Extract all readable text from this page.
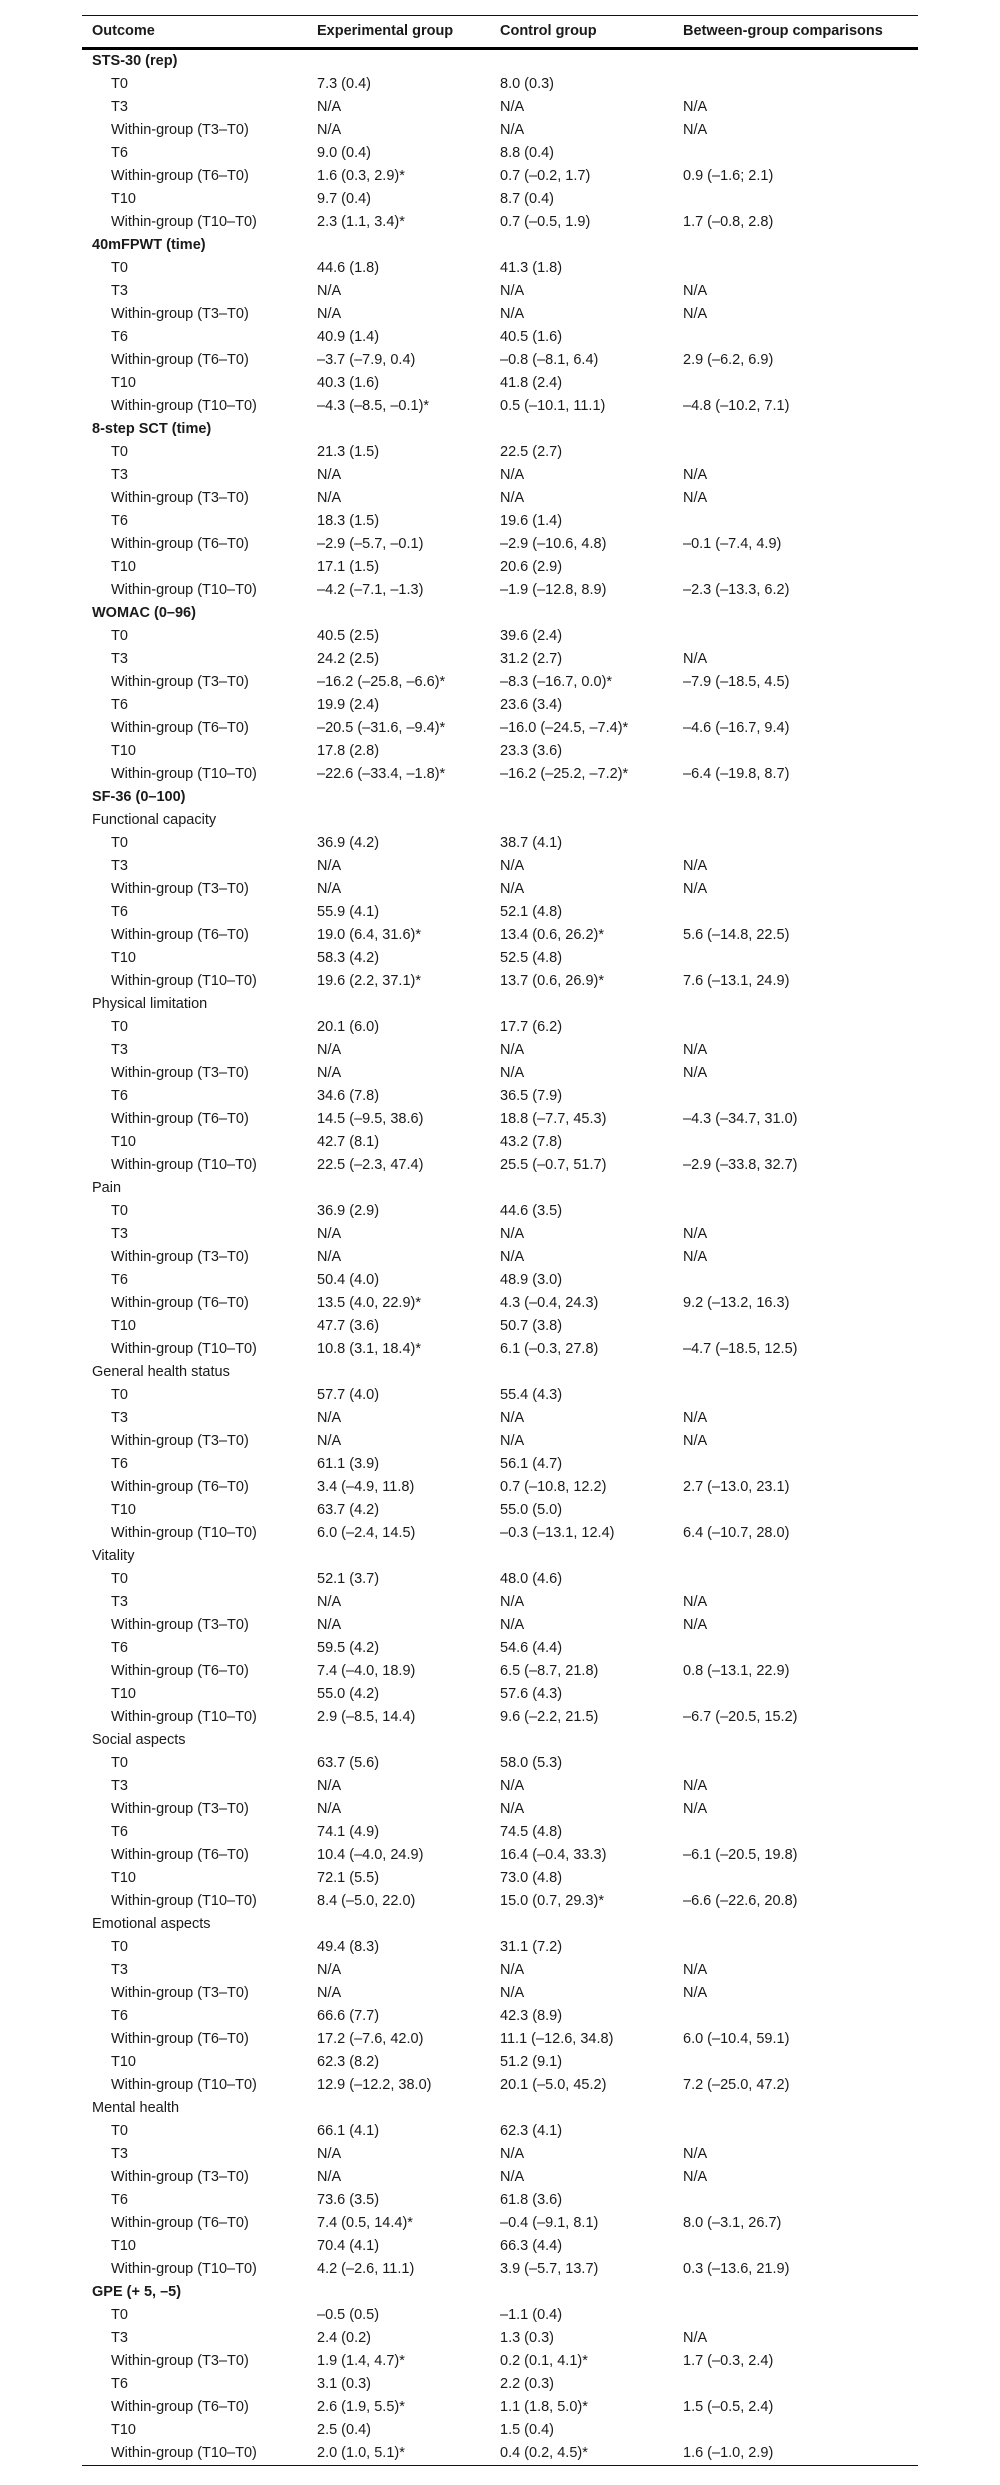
Outcome	Experimental group	Control group	Between-group comparisons
STS-30 (rep)
T0	7.3 (0.4)	8.0 (0.3)
T3	N/A	N/A	N/A
Within-group (T3–T0)	N/A	N/A	N/A
T6	9.0 (0.4)	8.8 (0.4)
Within-group (T6–T0)	1.6 (0.3, 2.9)*	0.7 (–0.2, 1.7)	0.9 (–1.6; 2.1)
T10	9.7 (0.4)	8.7 (0.4)
Within-group (T10–T0)	2.3 (1.1, 3.4)*	0.7 (–0.5, 1.9)	1.7 (–0.8, 2.8)
40mFPWT (time)
T0	44.6 (1.8)	41.3 (1.8)
T3	N/A	N/A	N/A
Within-group (T3–T0)	N/A	N/A	N/A
T6	40.9 (1.4)	40.5 (1.6)
Within-group (T6–T0)	–3.7 (–7.9, 0.4)	–0.8 (–8.1, 6.4)	2.9 (–6.2, 6.9)
T10	40.3 (1.6)	41.8 (2.4)
Within-group (T10–T0)	–4.3 (–8.5, –0.1)*	0.5 (–10.1, 11.1)	–4.8 (–10.2, 7.1)
8-step SCT (time)
T0	21.3 (1.5)	22.5 (2.7)
T3	N/A	N/A	N/A
Within-group (T3–T0)	N/A	N/A	N/A
T6	18.3 (1.5)	19.6 (1.4)
Within-group (T6–T0)	–2.9 (–5.7, –0.1)	–2.9 (–10.6, 4.8)	–0.1 (–7.4, 4.9)
T10	17.1 (1.5)	20.6 (2.9)
Within-group (T10–T0)	–4.2 (–7.1, –1.3)	–1.9 (–12.8, 8.9)	–2.3 (–13.3, 6.2)
WOMAC (0–96)
T0	40.5 (2.5)	39.6 (2.4)
T3	24.2 (2.5)	31.2 (2.7)	N/A
Within-group (T3–T0)	–16.2 (–25.8, –6.6)*	–8.3 (–16.7, 0.0)*	–7.9 (–18.5, 4.5)
T6	19.9 (2.4)	23.6 (3.4)
Within-group (T6–T0)	–20.5 (–31.6, –9.4)*	–16.0 (–24.5, –7.4)*	–4.6 (–16.7, 9.4)
T10	17.8 (2.8)	23.3 (3.6)
Within-group (T10–T0)	–22.6 (–33.4, –1.8)*	–16.2 (–25.2, –7.2)*	–6.4 (–19.8, 8.7)
SF-36 (0–100)
Functional capacity
T0	36.9 (4.2)	38.7 (4.1)
T3	N/A	N/A	N/A
Within-group (T3–T0)	N/A	N/A	N/A
T6	55.9 (4.1)	52.1 (4.8)
Within-group (T6–T0)	19.0 (6.4, 31.6)*	13.4 (0.6, 26.2)*	5.6 (–14.8, 22.5)
T10	58.3 (4.2)	52.5 (4.8)
Within-group (T10–T0)	19.6 (2.2, 37.1)*	13.7 (0.6, 26.9)*	7.6 (–13.1, 24.9)
Physical limitation
T0	20.1 (6.0)	17.7 (6.2)
T3	N/A	N/A	N/A
Within-group (T3–T0)	N/A	N/A	N/A
T6	34.6 (7.8)	36.5 (7.9)
Within-group (T6–T0)	14.5 (–9.5, 38.6)	18.8 (–7.7, 45.3)	–4.3 (–34.7, 31.0)
T10	42.7 (8.1)	43.2 (7.8)
Within-group (T10–T0)	22.5 (–2.3, 47.4)	25.5 (–0.7, 51.7)	–2.9 (–33.8, 32.7)
Pain
T0	36.9 (2.9)	44.6 (3.5)
T3	N/A	N/A	N/A
Within-group (T3–T0)	N/A	N/A	N/A
T6	50.4 (4.0)	48.9 (3.0)
Within-group (T6–T0)	13.5 (4.0, 22.9)*	4.3 (–0.4, 24.3)	9.2 (–13.2, 16.3)
T10	47.7 (3.6)	50.7 (3.8)
Within-group (T10–T0)	10.8 (3.1, 18.4)*	6.1 (–0.3, 27.8)	–4.7 (–18.5, 12.5)
General health status
T0	57.7 (4.0)	55.4 (4.3)
T3	N/A	N/A	N/A
Within-group (T3–T0)	N/A	N/A	N/A
T6	61.1 (3.9)	56.1 (4.7)
Within-group (T6–T0)	3.4 (–4.9, 11.8)	0.7 (–10.8, 12.2)	2.7 (–13.0, 23.1)
T10	63.7 (4.2)	55.0 (5.0)
Within-group (T10–T0)	6.0 (–2.4, 14.5)	–0.3 (–13.1, 12.4)	6.4 (–10.7, 28.0)
Vitality
T0	52.1 (3.7)	48.0 (4.6)
T3	N/A	N/A	N/A
Within-group (T3–T0)	N/A	N/A	N/A
T6	59.5 (4.2)	54.6 (4.4)
Within-group (T6–T0)	7.4 (–4.0, 18.9)	6.5 (–8.7, 21.8)	0.8 (–13.1, 22.9)
T10	55.0 (4.2)	57.6 (4.3)
Within-group (T10–T0)	2.9 (–8.5, 14.4)	9.6 (–2.2, 21.5)	–6.7 (–20.5, 15.2)
Social aspects
T0	63.7 (5.6)	58.0 (5.3)
T3	N/A	N/A	N/A
Within-group (T3–T0)	N/A	N/A	N/A
T6	74.1 (4.9)	74.5 (4.8)
Within-group (T6–T0)	10.4 (–4.0, 24.9)	16.4 (–0.4, 33.3)	–6.1 (–20.5, 19.8)
T10	72.1 (5.5)	73.0 (4.8)
Within-group (T10–T0)	8.4 (–5.0, 22.0)	15.0 (0.7, 29.3)*	–6.6 (–22.6, 20.8)
Emotional aspects
T0	49.4 (8.3)	31.1 (7.2)
T3	N/A	N/A	N/A
Within-group (T3–T0)	N/A	N/A	N/A
T6	66.6 (7.7)	42.3 (8.9)
Within-group (T6–T0)	17.2 (–7.6, 42.0)	11.1 (–12.6, 34.8)	6.0 (–10.4, 59.1)
T10	62.3 (8.2)	51.2 (9.1)
Within-group (T10–T0)	12.9 (–12.2, 38.0)	20.1 (–5.0, 45.2)	7.2 (–25.0, 47.2)
Mental health
T0	66.1 (4.1)	62.3 (4.1)
T3	N/A	N/A	N/A
Within-group (T3–T0)	N/A	N/A	N/A
T6	73.6 (3.5)	61.8 (3.6)
Within-group (T6–T0)	7.4 (0.5, 14.4)*	–0.4 (–9.1, 8.1)	8.0 (–3.1, 26.7)
T10	70.4 (4.1)	66.3 (4.4)
Within-group (T10–T0)	4.2 (–2.6, 11.1)	3.9 (–5.7, 13.7)	0.3 (–13.6, 21.9)
GPE (+ 5, –5)
T0	–0.5 (0.5)	–1.1 (0.4)
T3	2.4 (0.2)	1.3 (0.3)	N/A
Within-group (T3–T0)	1.9 (1.4, 4.7)*	0.2 (0.1, 4.1)*	1.7 (–0.3, 2.4)
T6	3.1 (0.3)	2.2 (0.3)
Within-group (T6–T0)	2.6 (1.9, 5.5)*	1.1 (1.8, 5.0)*	1.5 (–0.5, 2.4)
T10	2.5 (0.4)	1.5 (0.4)
Within-group (T10–T0)	2.0 (1.0, 5.1)*	0.4 (0.2, 4.5)*	1.6 (–1.0, 2.9)
